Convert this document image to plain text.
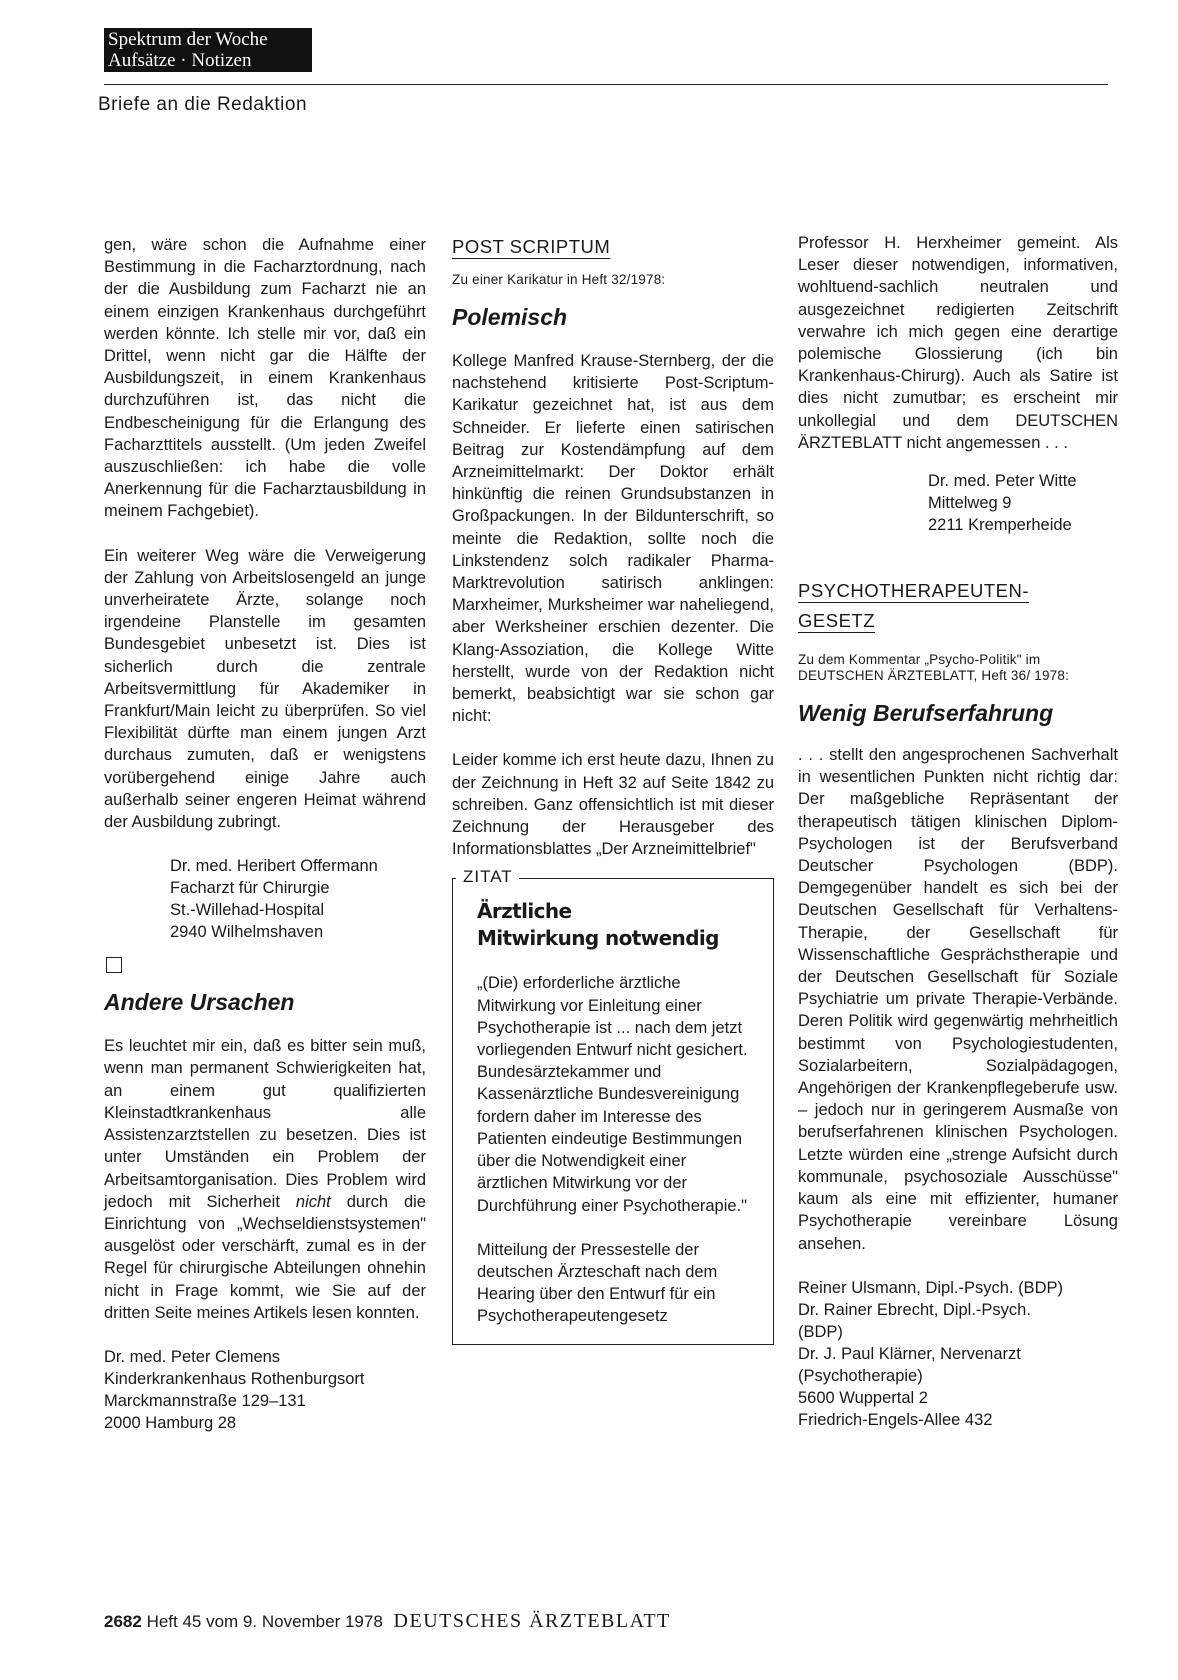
Spektrum der Woche
Aufsätze · Notizen
Briefe an die Redaktion

gen, wäre schon die Aufnahme einer Bestimmung in die Facharztordnung, nach der die Ausbildung zum Facharzt nie an einem einzigen Krankenhaus durchgeführt werden könnte. Ich stelle mir vor, daß ein Drittel, wenn nicht gar die Hälfte der Ausbildungszeit, in einem Krankenhaus durchzuführen ist, das nicht die Endbescheinigung für die Erlangung des Facharzttitels ausstellt. (Um jeden Zweifel auszuschließen: ich habe die volle Anerkennung für die Facharztausbildung in meinem Fachgebiet).

Ein weiterer Weg wäre die Verweigerung der Zahlung von Arbeitslosengeld an junge unverheiratete Ärzte, solange noch irgendeine Planstelle im gesamten Bundesgebiet unbesetzt ist. Dies ist sicherlich durch die zentrale Arbeitsvermittlung für Akademiker in Frankfurt/Main leicht zu überprüfen. So viel Flexibilität dürfte man einem jungen Arzt durchaus zumuten, daß er wenigstens vorübergehend einige Jahre auch außerhalb seiner engeren Heimat während der Ausbildung zubringt.

Dr. med. Heribert Offermann
Facharzt für Chirurgie
St.-Willehad-Hospital
2940 Wilhelmshaven
Andere Ursachen

Es leuchtet mir ein, daß es bitter sein muß, wenn man permanent Schwierigkeiten hat, an einem gut qualifizierten Kleinstadtkrankenhaus alle Assistenzarztstellen zu besetzen. Dies ist unter Umständen ein Problem der Arbeitsamtorganisation. Dies Problem wird jedoch mit Sicherheit nicht durch die Einrichtung von „Wechseldienstsystemen" ausgelöst oder verschärft, zumal es in der Regel für chirurgische Abteilungen ohnehin nicht in Frage kommt, wie Sie auf der dritten Seite meines Artikels lesen konnten.

Dr. med. Peter Clemens
Kinderkrankenhaus Rothenburgsort
Marckmannstraße 129–131
2000 Hamburg 28
POST SCRIPTUM
Zu einer Karikatur in Heft 32/1978:
Polemisch

Kollege Manfred Krause-Sternberg, der die nachstehend kritisierte Post-Scriptum-Karikatur gezeichnet hat, ist aus dem Schneider. Er lieferte einen satirischen Beitrag zur Kostendämpfung auf dem Arzneimittelmarkt: Der Doktor erhält hinkünftig die reinen Grundsubstanzen in Großpackungen. In der Bildunterschrift, so meinte die Redaktion, sollte noch die Linkstendenz solch radikaler Pharma-Marktrevolution satirisch anklingen: Marxheimer, Murksheimer war naheliegend, aber Werksheiner erschien dezenter. Die Klang-Assoziation, die Kollege Witte herstellt, wurde von der Redaktion nicht bemerkt, beabsichtigt war sie schon gar nicht:

Leider komme ich erst heute dazu, Ihnen zu der Zeichnung in Heft 32 auf Seite 1842 zu schreiben. Ganz offensichtlich ist mit dieser Zeichnung der Herausgeber des Informationsblattes „Der Arzneimittelbrief"

ZITAT
Ärztliche
Mitwirkung notwendig

„(Die) erforderliche ärztliche Mitwirkung vor Einleitung einer Psychotherapie ist ... nach dem jetzt vorliegenden Entwurf nicht gesichert. Bundesärztekammer und Kassenärztliche Bundesvereinigung fordern daher im Interesse des Patienten eindeutige Bestimmungen über die Notwendigkeit einer ärztlichen Mitwirkung vor der Durchführung einer Psychotherapie."

Mitteilung der Pressestelle der deutschen Ärzteschaft nach dem Hearing über den Entwurf für ein Psychotherapeutengesetz

Professor H. Herxheimer gemeint. Als Leser dieser notwendigen, informativen, wohltuend-sachlich neutralen und ausgezeichnet redigierten Zeitschrift verwahre ich mich gegen eine derartige polemische Glossierung (ich bin Krankenhaus-Chirurg). Auch als Satire ist dies nicht zumutbar; es erscheint mir unkollegial und dem DEUTSCHEN ÄRZTEBLATT nicht angemessen . . .

Dr. med. Peter Witte
Mittelweg 9
2211 Kremperheide
PSYCHOTHERAPEUTEN-
GESETZ
Zu dem Kommentar „Psycho-Politik" im DEUTSCHEN ÄRZTEBLATT, Heft 36/ 1978:
Wenig Berufserfahrung

. . . stellt den angesprochenen Sachverhalt in wesentlichen Punkten nicht richtig dar: Der maßgebliche Repräsentant der therapeutisch tätigen klinischen Diplom-Psychologen ist der Berufsverband Deutscher Psychologen (BDP). Demgegenüber handelt es sich bei der Deutschen Gesellschaft für Verhaltens-Therapie, der Gesellschaft für Wissenschaftliche Gesprächstherapie und der Deutschen Gesellschaft für Soziale Psychiatrie um private Therapie-Verbände. Deren Politik wird gegenwärtig mehrheitlich bestimmt von Psychologiestudenten, Sozialarbeitern, Sozialpädagogen, Angehörigen der Krankenpflegeberufe usw. – jedoch nur in geringerem Ausmaße von berufserfahrenen klinischen Psychologen. Letzte würden eine „strenge Aufsicht durch kommunale, psychosoziale Ausschüsse" kaum als eine mit effizienter, humaner Psychotherapie vereinbare Lösung ansehen.

Reiner Ulsmann, Dipl.-Psych. (BDP)
Dr. Rainer Ebrecht, Dipl.-Psych.
(BDP)
Dr. J. Paul Klärner, Nervenarzt
(Psychotherapie)
5600 Wuppertal 2
Friedrich-Engels-Allee 432
2682 Heft 45 vom 9. November 1978 DEUTSCHES ÄRZTEBLATT
